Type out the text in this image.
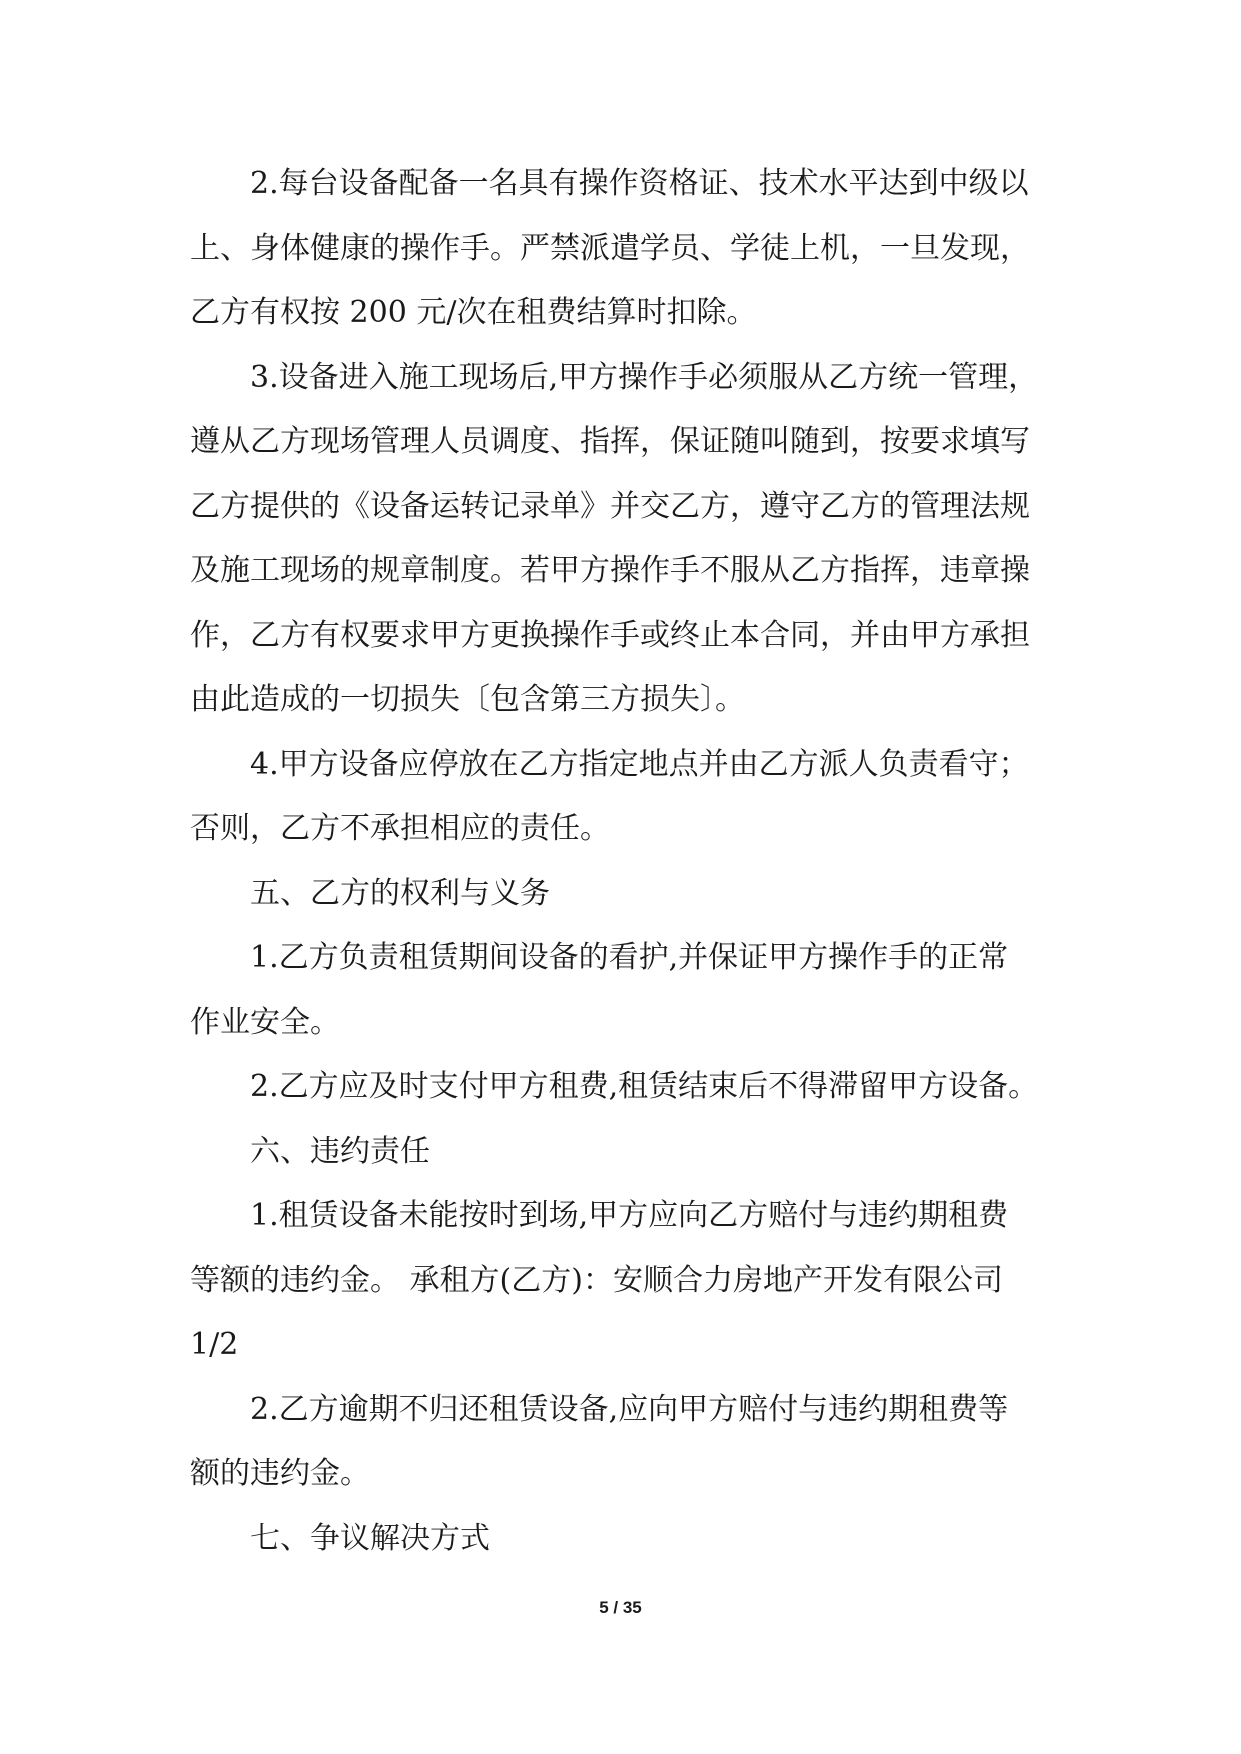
2.每台设备配备一名具有操作资格证、技术水平达到中级以
上、身体健康的操作手。严禁派遣学员、学徒上机，一旦发现，
乙方有权按 200 元/次在租费结算时扣除。
3.设备进入施工现场后,甲方操作手必须服从乙方统一管理，
遵从乙方现场管理人员调度、指挥，保证随叫随到，按要求填写
乙方提供的《设备运转记录单》并交乙方，遵守乙方的管理法规
及施工现场的规章制度。若甲方操作手不服从乙方指挥，违章操
作，乙方有权要求甲方更换操作手或终止本合同，并由甲方承担
由此造成的一切损失〔包含第三方损失〕。
4.甲方设备应停放在乙方指定地点并由乙方派人负责看守；
否则，乙方不承担相应的责任。
五、乙方的权利与义务
1.乙方负责租赁期间设备的看护,并保证甲方操作手的正常
作业安全。
2.乙方应及时支付甲方租费,租赁结束后不得滞留甲方设备。
六、违约责任
1.租赁设备未能按时到场,甲方应向乙方赔付与违约期租费
等额的违约金。 承租方(乙方)：安顺合力房地产开发有限公司
1/2
2.乙方逾期不归还租赁设备,应向甲方赔付与违约期租费等
额的违约金。
七、争议解决方式
5 / 35
